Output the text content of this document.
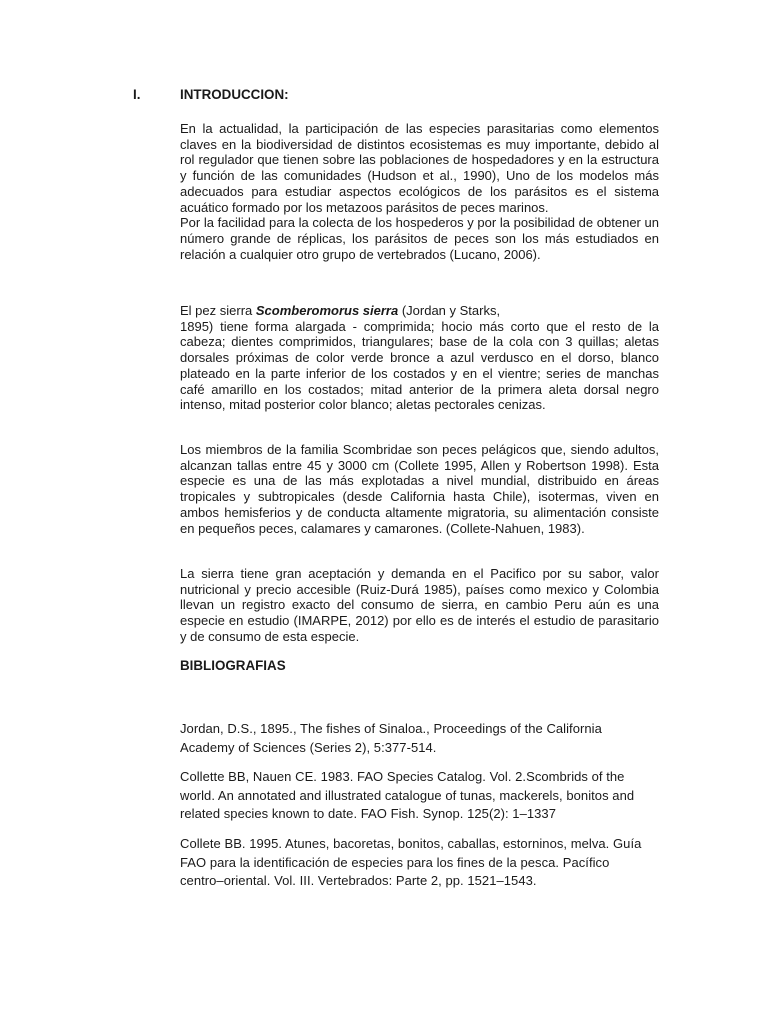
I.	INTRODUCCION:

En la actualidad, la participación de las especies parasitarias como elementos claves en la biodiversidad de distintos ecosistemas es muy importante, debido al rol regulador que tienen sobre las poblaciones de hospedadores y en la estructura y función de las comunidades (Hudson et al., 1990), Uno de los modelos más adecuados para estudiar aspectos ecológicos de los parásitos es el sistema acuático formado por los metazoos parásitos de peces marinos.

Por la facilidad para la colecta de los hospederos y por la posibilidad de obtener un número grande de réplicas, los parásitos de peces son los más estudiados en relación a cualquier otro grupo de vertebrados (Lucano, 2006).

El pez sierra Scomberomorus sierra (Jordan y Starks,

1895) tiene forma alargada - comprimida; hocio más corto que el resto de la cabeza; dientes comprimidos, triangulares; base de la cola con 3 quillas; aletas dorsales próximas de color verde bronce a azul verdusco en el dorso, blanco plateado en la parte inferior de los costados y en el vientre; series de manchas café amarillo en los costados; mitad anterior de la primera aleta dorsal negro intenso, mitad posterior color blanco; aletas pectorales cenizas.

Los miembros de la familia Scombridae son peces pelágicos que, siendo adultos, alcanzan tallas entre 45 y 3000 cm (Collete 1995, Allen y Robertson 1998). Esta especie es una de las más explotadas a nivel mundial, distribuido en áreas tropicales y subtropicales (desde California hasta Chile), isotermas, viven en ambos hemisferios y de conducta altamente migratoria, su alimentación consiste en pequeños peces, calamares y camarones. (Collete-Nahuen, 1983).

La sierra tiene gran aceptación y demanda en el Pacifico por su sabor, valor nutricional y precio accesible (Ruiz-Durá 1985), países como mexico y Colombia llevan un registro exacto del consumo de sierra, en cambio Peru aún es una especie en estudio (IMARPE, 2012) por ello es de interés el estudio de parasitario y de consumo de esta especie.

BIBLIOGRAFIAS

Jordan, D.S., 1895., The fishes of Sinaloa., Proceedings of the California Academy of Sciences (Series 2), 5:377-514.

Collette BB, Nauen CE. 1983. FAO Species Catalog. Vol. 2.Scombrids of the world. An annotated and illustrated catalogue of tunas, mackerels, bonitos and related species known to date. FAO Fish. Synop. 125(2): 1–1337

Collete BB. 1995. Atunes, bacoretas, bonitos, caballas, estorninos, melva. Guía FAO para la identificación de especies para los fines de la pesca. Pacífico centro–oriental. Vol. III. Vertebrados: Parte 2, pp. 1521–1543.
